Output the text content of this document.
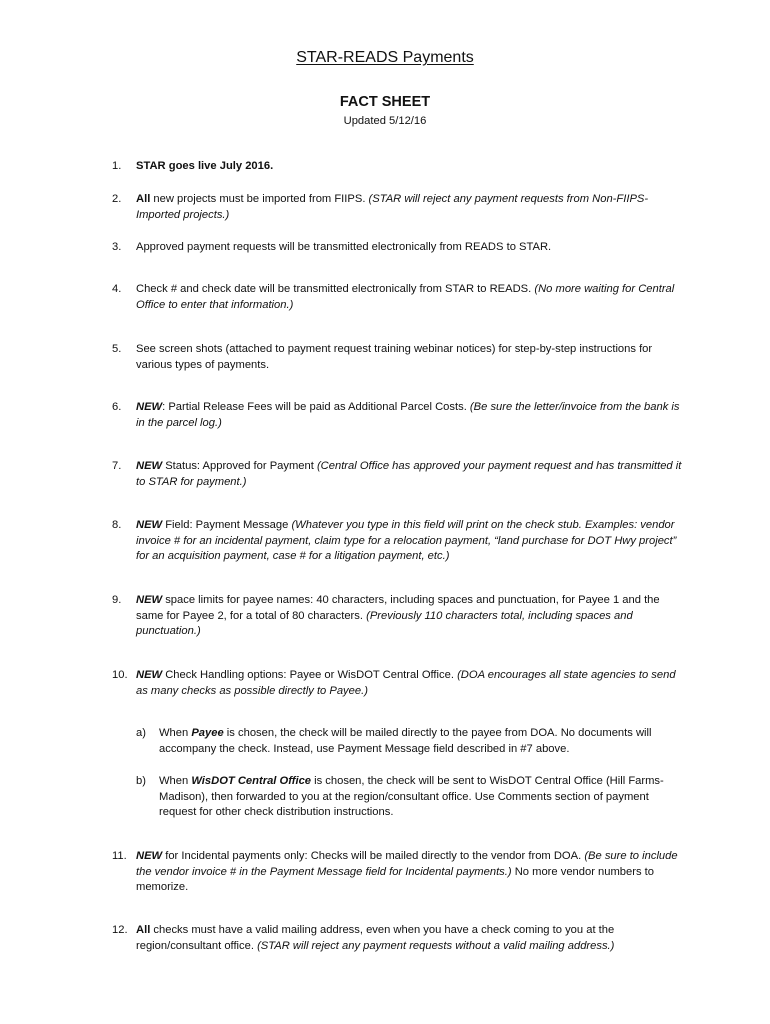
STAR-READS Payments
FACT SHEET
Updated 5/12/16
1.	STAR goes live July 2016.
2.	All new projects must be imported from FIIPS. (STAR will reject any payment requests from Non-FIIPS-Imported projects.)
3.	Approved payment requests will be transmitted electronically from READS to STAR.
4.	Check # and check date will be transmitted electronically from STAR to READS. (No more waiting for Central Office to enter that information.)
5.	See screen shots (attached to payment request training webinar notices) for step-by-step instructions for various types of payments.
6.	NEW: Partial Release Fees will be paid as Additional Parcel Costs. (Be sure the letter/invoice from the bank is in the parcel log.)
7.	NEW Status: Approved for Payment (Central Office has approved your payment request and has transmitted it to STAR for payment.)
8.	NEW Field: Payment Message (Whatever you type in this field will print on the check stub. Examples: vendor invoice # for an incidental payment, claim type for a relocation payment, “land purchase for DOT Hwy project” for an acquisition payment, case # for a litigation payment, etc.)
9.	NEW space limits for payee names: 40 characters, including spaces and punctuation, for Payee 1 and the same for Payee 2, for a total of 80 characters. (Previously 110 characters total, including spaces and punctuation.)
10. NEW Check Handling options: Payee or WisDOT Central Office. (DOA encourages all state agencies to send as many checks as possible directly to Payee.)
a)	When Payee is chosen, the check will be mailed directly to the payee from DOA. No documents will accompany the check. Instead, use Payment Message field described in #7 above.
b)	When WisDOT Central Office is chosen, the check will be sent to WisDOT Central Office (Hill Farms-Madison), then forwarded to you at the region/consultant office. Use Comments section of payment request for other check distribution instructions.
11. NEW for Incidental payments only: Checks will be mailed directly to the vendor from DOA. (Be sure to include the vendor invoice # in the Payment Message field for Incidental payments.) No more vendor numbers to memorize.
12. All checks must have a valid mailing address, even when you have a check coming to you at the region/consultant office. (STAR will reject any payment requests without a valid mailing address.)
